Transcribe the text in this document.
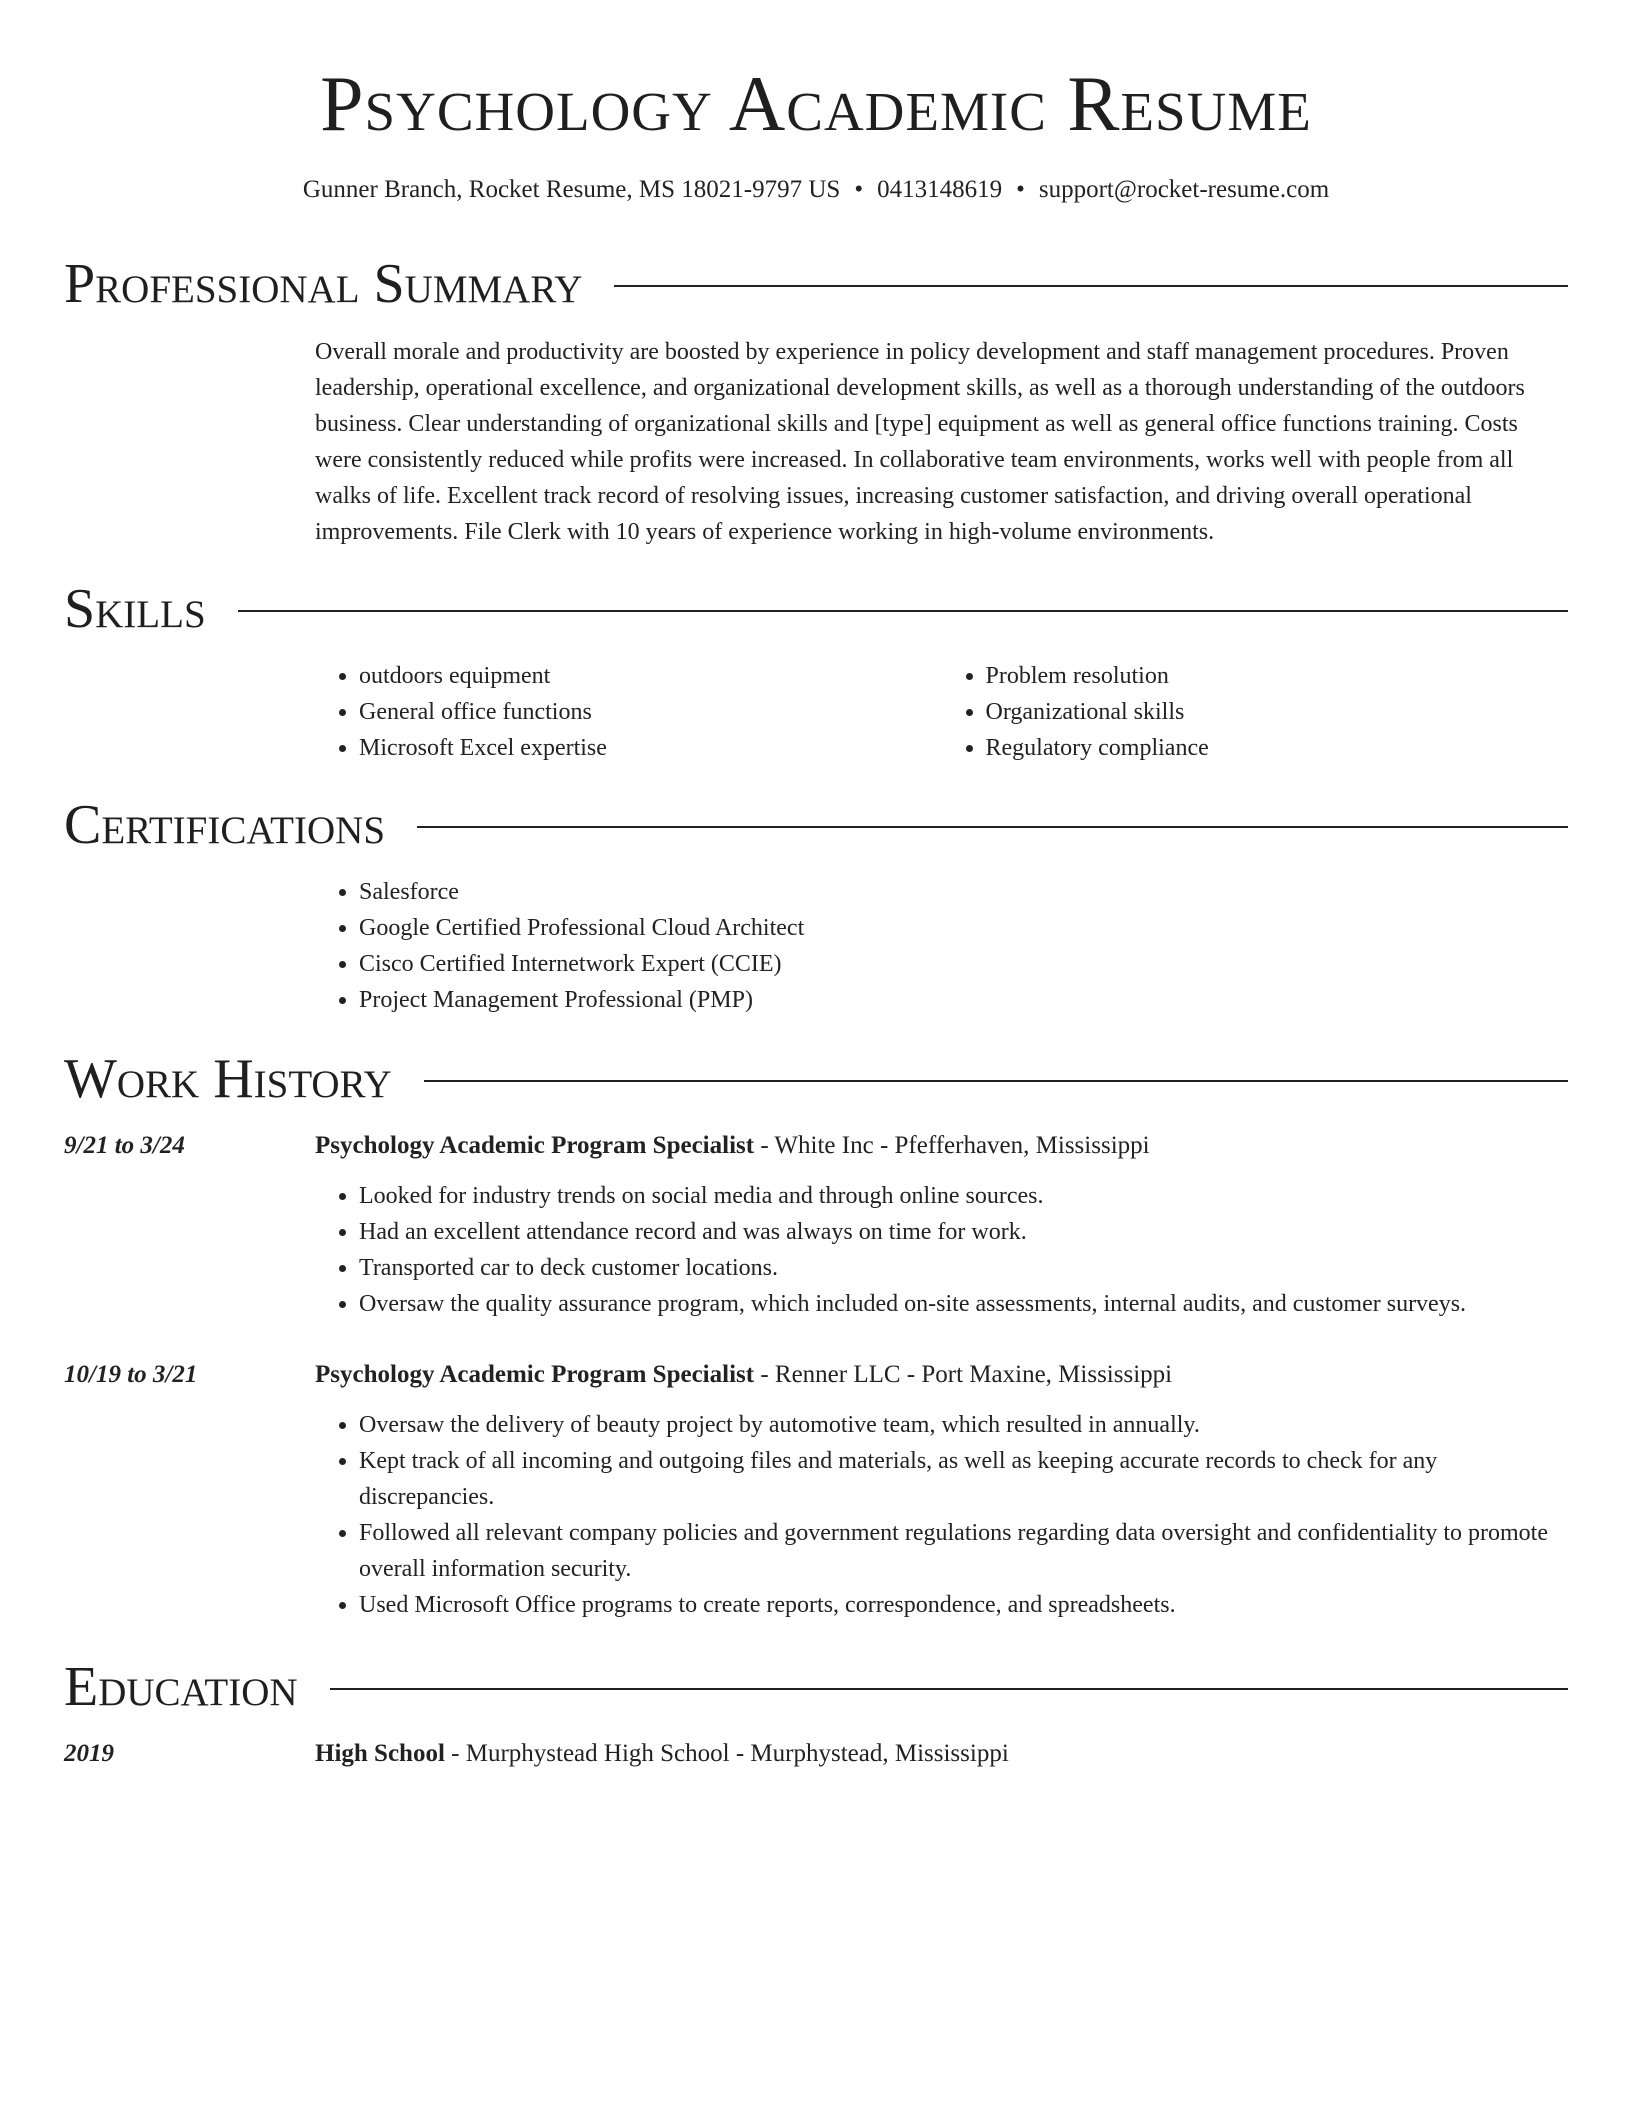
Psychology Academic Resume
Gunner Branch, Rocket Resume, MS 18021-9797 US • 0413148619 • support@rocket-resume.com
Professional Summary

Overall morale and productivity are boosted by experience in policy development and staff management procedures. Proven leadership, operational excellence, and organizational development skills, as well as a thorough understanding of the outdoors business. Clear understanding of organizational skills and [type] equipment as well as general office functions training. Costs were consistently reduced while profits were increased. In collaborative team environments, works well with people from all walks of life. Excellent track record of resolving issues, increasing customer satisfaction, and driving overall operational improvements. File Clerk with 10 years of experience working in high-volume environments.

Skills
• outdoors equipment
• General office functions
• Microsoft Excel expertise
• Problem resolution
• Organizational skills
• Regulatory compliance
Certifications
• Salesforce
• Google Certified Professional Cloud Architect
• Cisco Certified Internetwork Expert (CCIE)
• Project Management Professional (PMP)
Work History
9/21 to 3/24	Psychology Academic Program Specialist - White Inc - Pfefferhaven, Mississippi
• Looked for industry trends on social media and through online sources.
• Had an excellent attendance record and was always on time for work.
• Transported car to deck customer locations.
• Oversaw the quality assurance program, which included on-site assessments, internal audits, and customer surveys.
10/19 to 3/21	Psychology Academic Program Specialist - Renner LLC - Port Maxine, Mississippi
• Oversaw the delivery of beauty project by automotive team, which resulted in annually.
• Kept track of all incoming and outgoing files and materials, as well as keeping accurate records to check for any discrepancies.
• Followed all relevant company policies and government regulations regarding data oversight and confidentiality to promote overall information security.
• Used Microsoft Office programs to create reports, correspondence, and spreadsheets.
Education
2019	High School - Murphystead High School - Murphystead, Mississippi
